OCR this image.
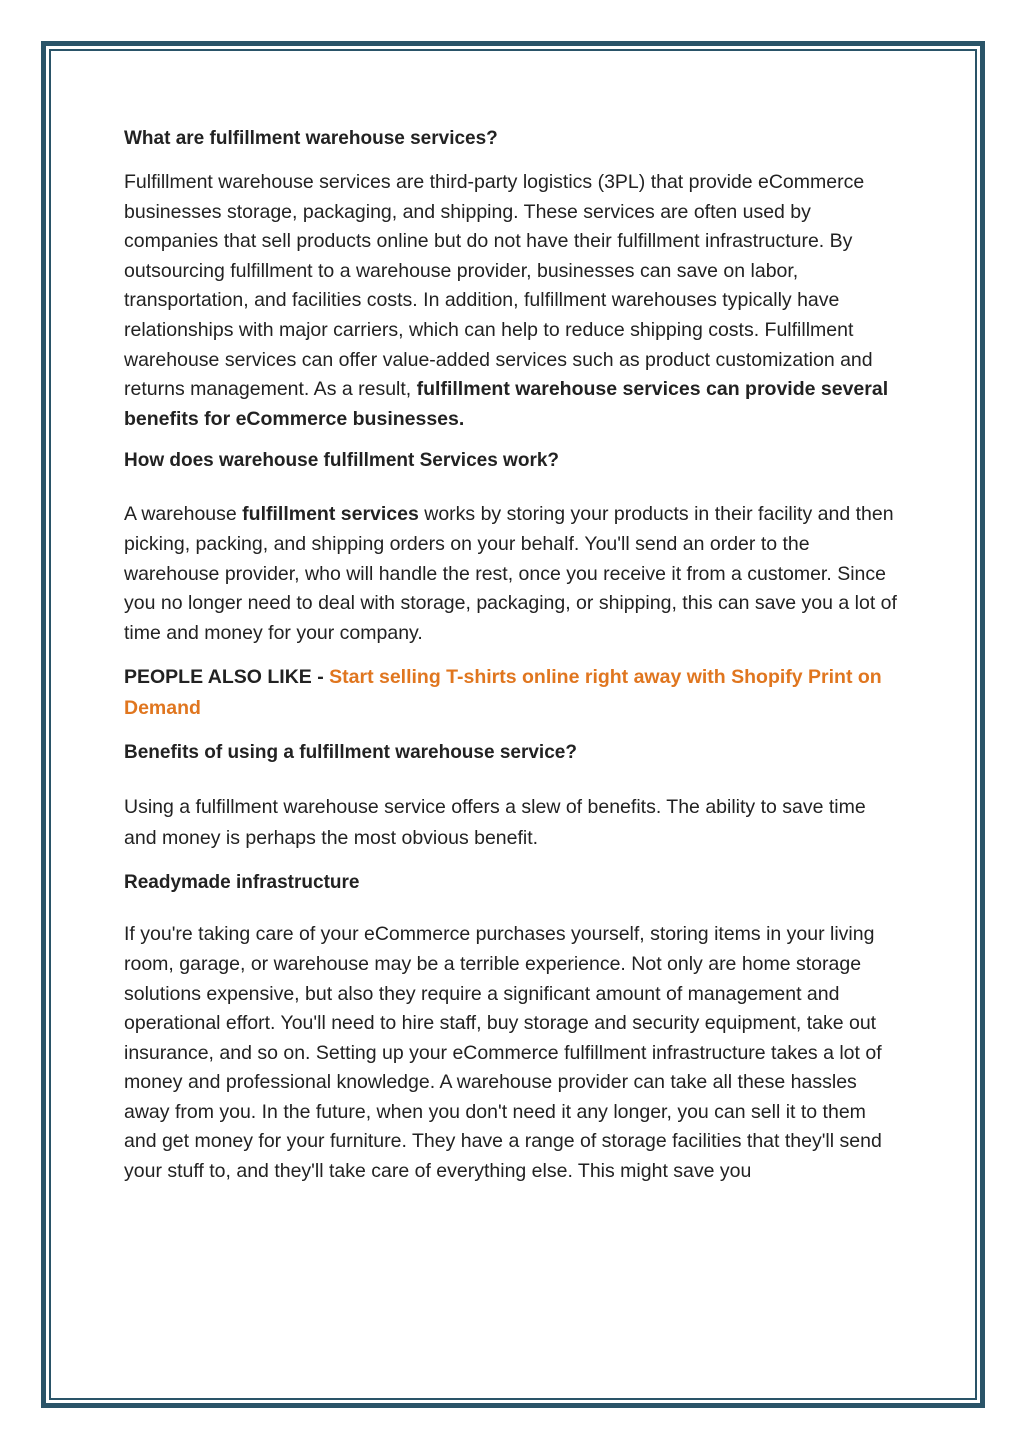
What are fulfillment warehouse services?

Fulfillment warehouse services are third-party logistics (3PL) that provide eCommerce businesses storage, packaging, and shipping. These services are often used by companies that sell products online but do not have their fulfillment infrastructure. By outsourcing fulfillment to a warehouse provider, businesses can save on labor, transportation, and facilities costs. In addition, fulfillment warehouses typically have relationships with major carriers, which can help to reduce shipping costs. Fulfillment warehouse services can offer value-added services such as product customization and returns management. As a result, fulfillment warehouse services can provide several benefits for eCommerce businesses.

How does warehouse fulfillment Services work?

A warehouse fulfillment services works by storing your products in their facility and then picking, packing, and shipping orders on your behalf. You'll send an order to the warehouse provider, who will handle the rest, once you receive it from a customer. Since you no longer need to deal with storage, packaging, or shipping, this can save you a lot of time and money for your company.

PEOPLE ALSO LIKE - Start selling T-shirts online right away with Shopify Print on Demand

Benefits of using a fulfillment warehouse service?

Using a fulfillment warehouse service offers a slew of benefits. The ability to save time and money is perhaps the most obvious benefit.

Readymade infrastructure

If you're taking care of your eCommerce purchases yourself, storing items in your living room, garage, or warehouse may be a terrible experience. Not only are home storage solutions expensive, but also they require a significant amount of management and operational effort. You'll need to hire staff, buy storage and security equipment, take out insurance, and so on. Setting up your eCommerce fulfillment infrastructure takes a lot of money and professional knowledge. A warehouse provider can take all these hassles away from you. In the future, when you don't need it any longer, you can sell it to them and get money for your furniture. They have a range of storage facilities that they'll send your stuff to, and they'll take care of everything else. This might save you
